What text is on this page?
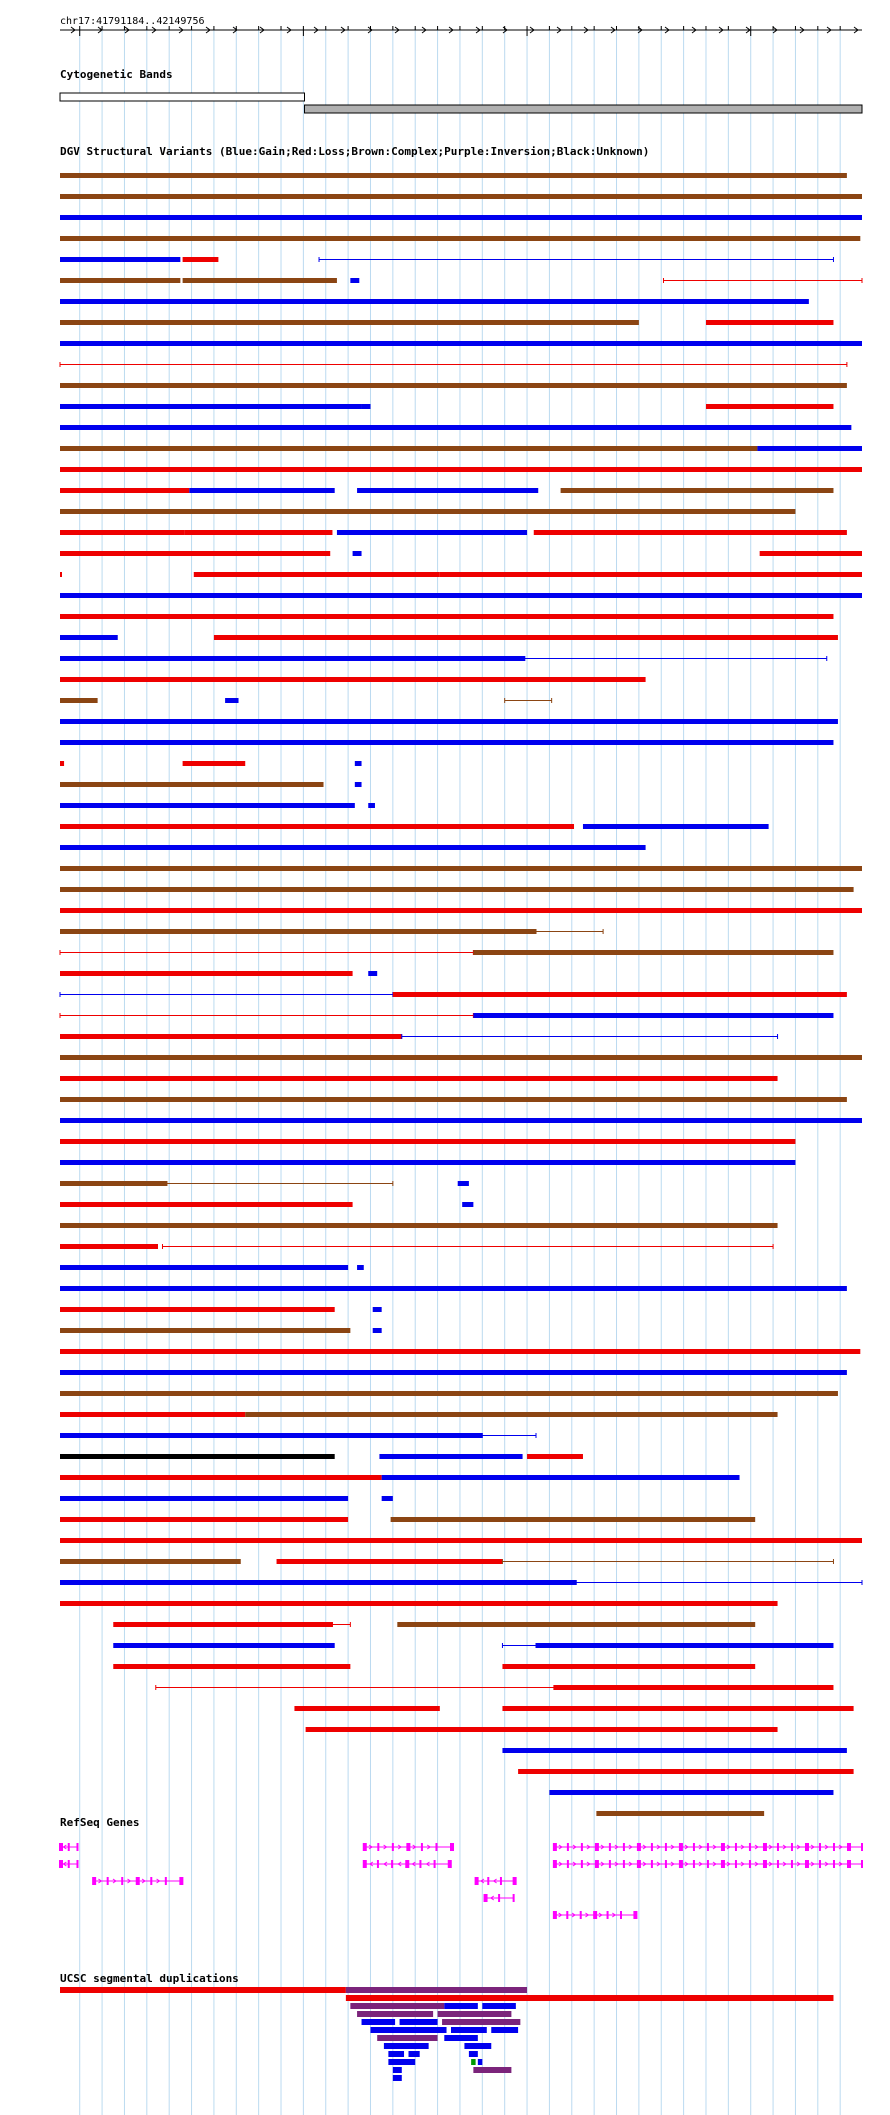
chr17:41791184..42149756
Cytogenetic Bands
DGV Structural Variants (Blue:Gain;Red:Loss;Brown:Complex;Purple:Inversion;Black:Unknown)
RefSeq Genes
UCSC segmental duplications
